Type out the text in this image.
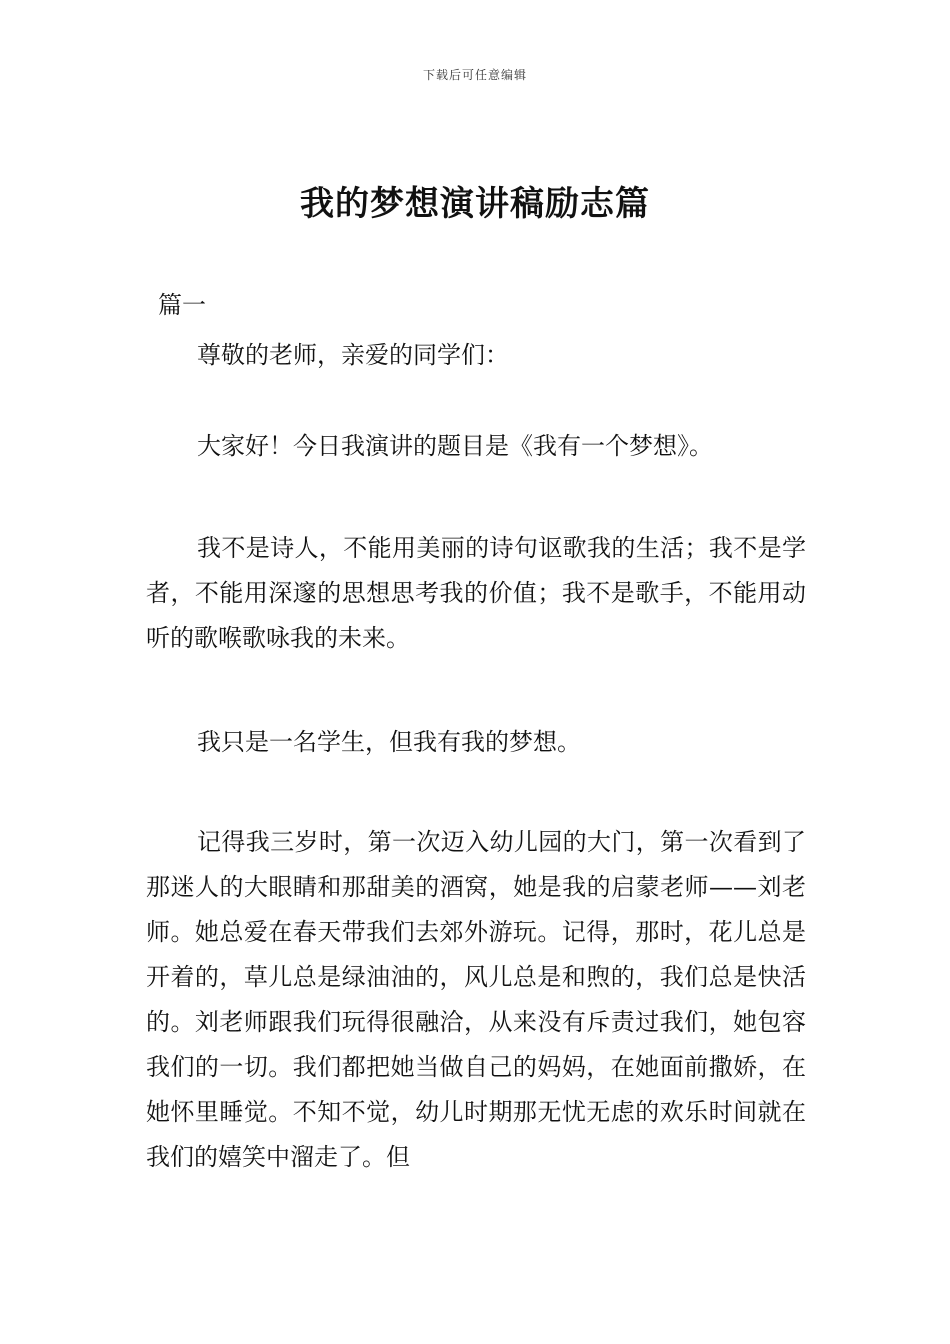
下载后可任意编辑
我的梦想演讲稿励志篇
篇一
尊敬的老师，亲爱的同学们：

大家好！今日我演讲的题目是《我有一个梦想》。

我不是诗人，不能用美丽的诗句讴歌我的生活；我不是学者，不能用深邃的思想思考我的价值；我不是歌手，不能用动听的歌喉歌咏我的未来。

我只是一名学生，但我有我的梦想。

记得我三岁时，第一次迈入幼儿园的大门，第一次看到了那迷人的大眼睛和那甜美的酒窝，她是我的启蒙老师——刘老师。她总爱在春天带我们去郊外游玩。记得，那时，花儿总是开着的，草儿总是绿油油的，风儿总是和煦的，我们总是快活的。刘老师跟我们玩得很融洽，从来没有斥责过我们，她包容我们的一切。我们都把她当做自己的妈妈，在她面前撒娇，在她怀里睡觉。不知不觉，幼儿时期那无忧无虑的欢乐时间就在我们的嬉笑中溜走了。但
